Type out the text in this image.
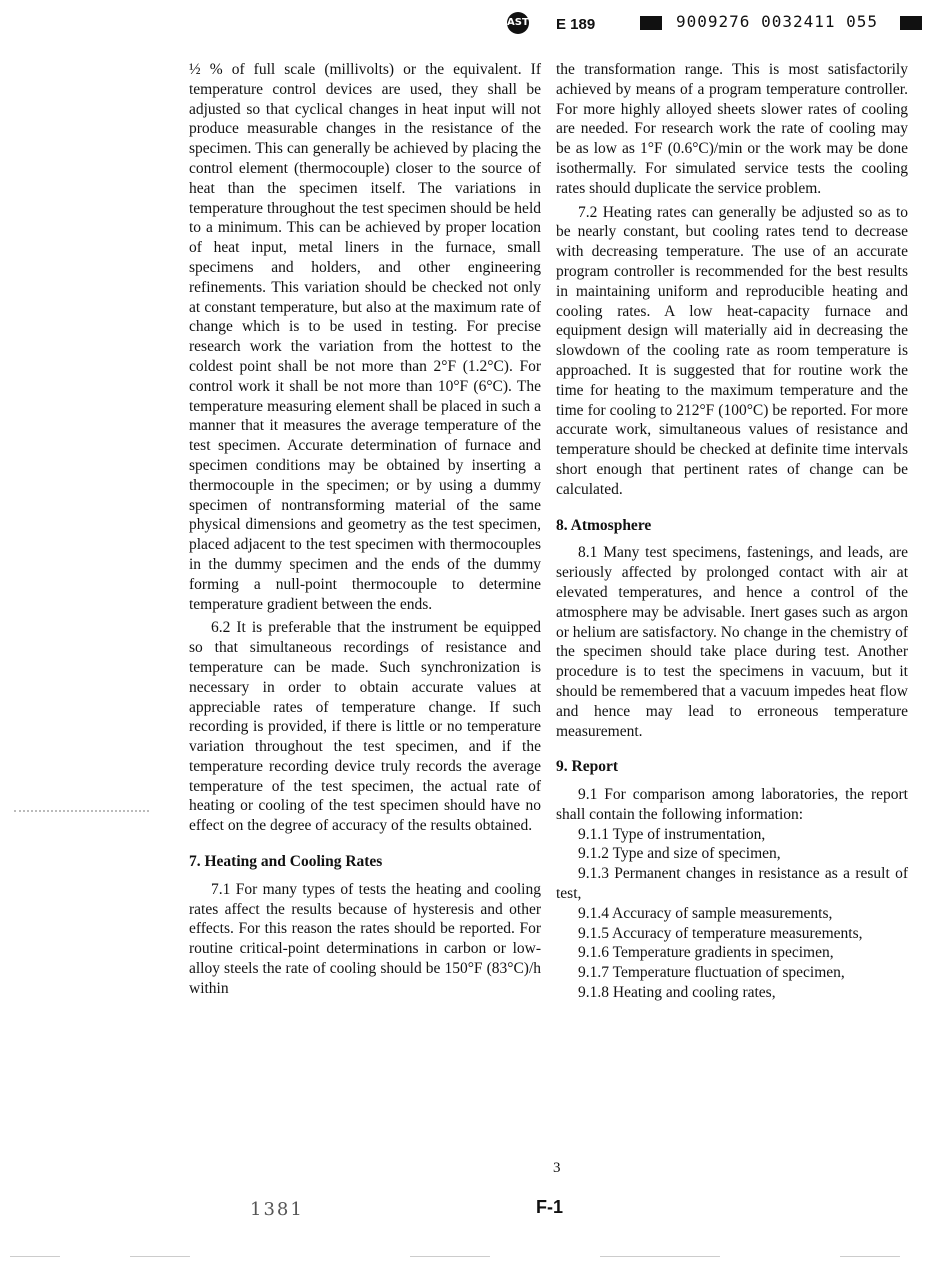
ASTM E 189	9009276 0032411 055

½ % of full scale (millivolts) or the equivalent. If temperature control devices are used, they shall be adjusted so that cyclical changes in heat input will not produce measurable changes in the resistance of the specimen. This can generally be achieved by placing the control element (thermocouple) closer to the source of heat than the specimen itself. The variations in temperature throughout the test specimen should be held to a minimum. This can be achieved by proper location of heat input, metal liners in the furnace, small specimens and holders, and other engineering refinements. This variation should be checked not only at constant temperature, but also at the maximum rate of change which is to be used in testing. For precise research work the variation from the hottest to the coldest point shall be not more than 2°F (1.2°C). For control work it shall be not more than 10°F (6°C). The temperature measuring element shall be placed in such a manner that it measures the average temperature of the test specimen. Accurate determination of furnace and specimen conditions may be obtained by inserting a thermocouple in the specimen; or by using a dummy specimen of nontransforming material of the same physical dimensions and geometry as the test specimen, placed adjacent to the test specimen with thermocouples in the dummy specimen and the ends of the dummy forming a null-point thermocouple to determine temperature gradient between the ends.

6.2 It is preferable that the instrument be equipped so that simultaneous recordings of resistance and temperature can be made. Such synchronization is necessary in order to obtain accurate values at appreciable rates of temperature change. If such recording is provided, if there is little or no temperature variation throughout the test specimen, and if the temperature recording device truly records the average temperature of the test specimen, the actual rate of heating or cooling of the test specimen should have no effect on the degree of accuracy of the results obtained.

7. Heating and Cooling Rates

7.1 For many types of tests the heating and cooling rates affect the results because of hysteresis and other effects. For this reason the rates should be reported. For routine critical-point determinations in carbon or low-alloy steels the rate of cooling should be 150°F (83°C)/h within

the transformation range. This is most satisfactorily achieved by means of a program temperature controller. For more highly alloyed sheets slower rates of cooling are needed. For research work the rate of cooling may be as low as 1°F (0.6°C)/min or the work may be done isothermally. For simulated service tests the cooling rates should duplicate the service problem.

7.2 Heating rates can generally be adjusted so as to be nearly constant, but cooling rates tend to decrease with decreasing temperature. The use of an accurate program controller is recommended for the best results in maintaining uniform and reproducible heating and cooling rates. A low heat-capacity furnace and equipment design will materially aid in decreasing the slowdown of the cooling rate as room temperature is approached. It is suggested that for routine work the time for heating to the maximum temperature and the time for cooling to 212°F (100°C) be reported. For more accurate work, simultaneous values of resistance and temperature should be checked at definite time intervals short enough that pertinent rates of change can be calculated.

8. Atmosphere

8.1 Many test specimens, fastenings, and leads, are seriously affected by prolonged contact with air at elevated temperatures, and hence a control of the atmosphere may be advisable. Inert gases such as argon or helium are satisfactory. No change in the chemistry of the specimen should take place during test. Another procedure is to test the specimens in vacuum, but it should be remembered that a vacuum impedes heat flow and hence may lead to erroneous temperature measurement.

9. Report

9.1 For comparison among laboratories, the report shall contain the following information:

9.1.1 Type of instrumentation,

9.1.2 Type and size of specimen,

9.1.3 Permanent changes in resistance as a result of test,

9.1.4 Accuracy of sample measurements,

9.1.5 Accuracy of temperature measurements,

9.1.6 Temperature gradients in specimen,

9.1.7 Temperature fluctuation of specimen,

9.1.8 Heating and cooling rates,

3
1381	F-1
